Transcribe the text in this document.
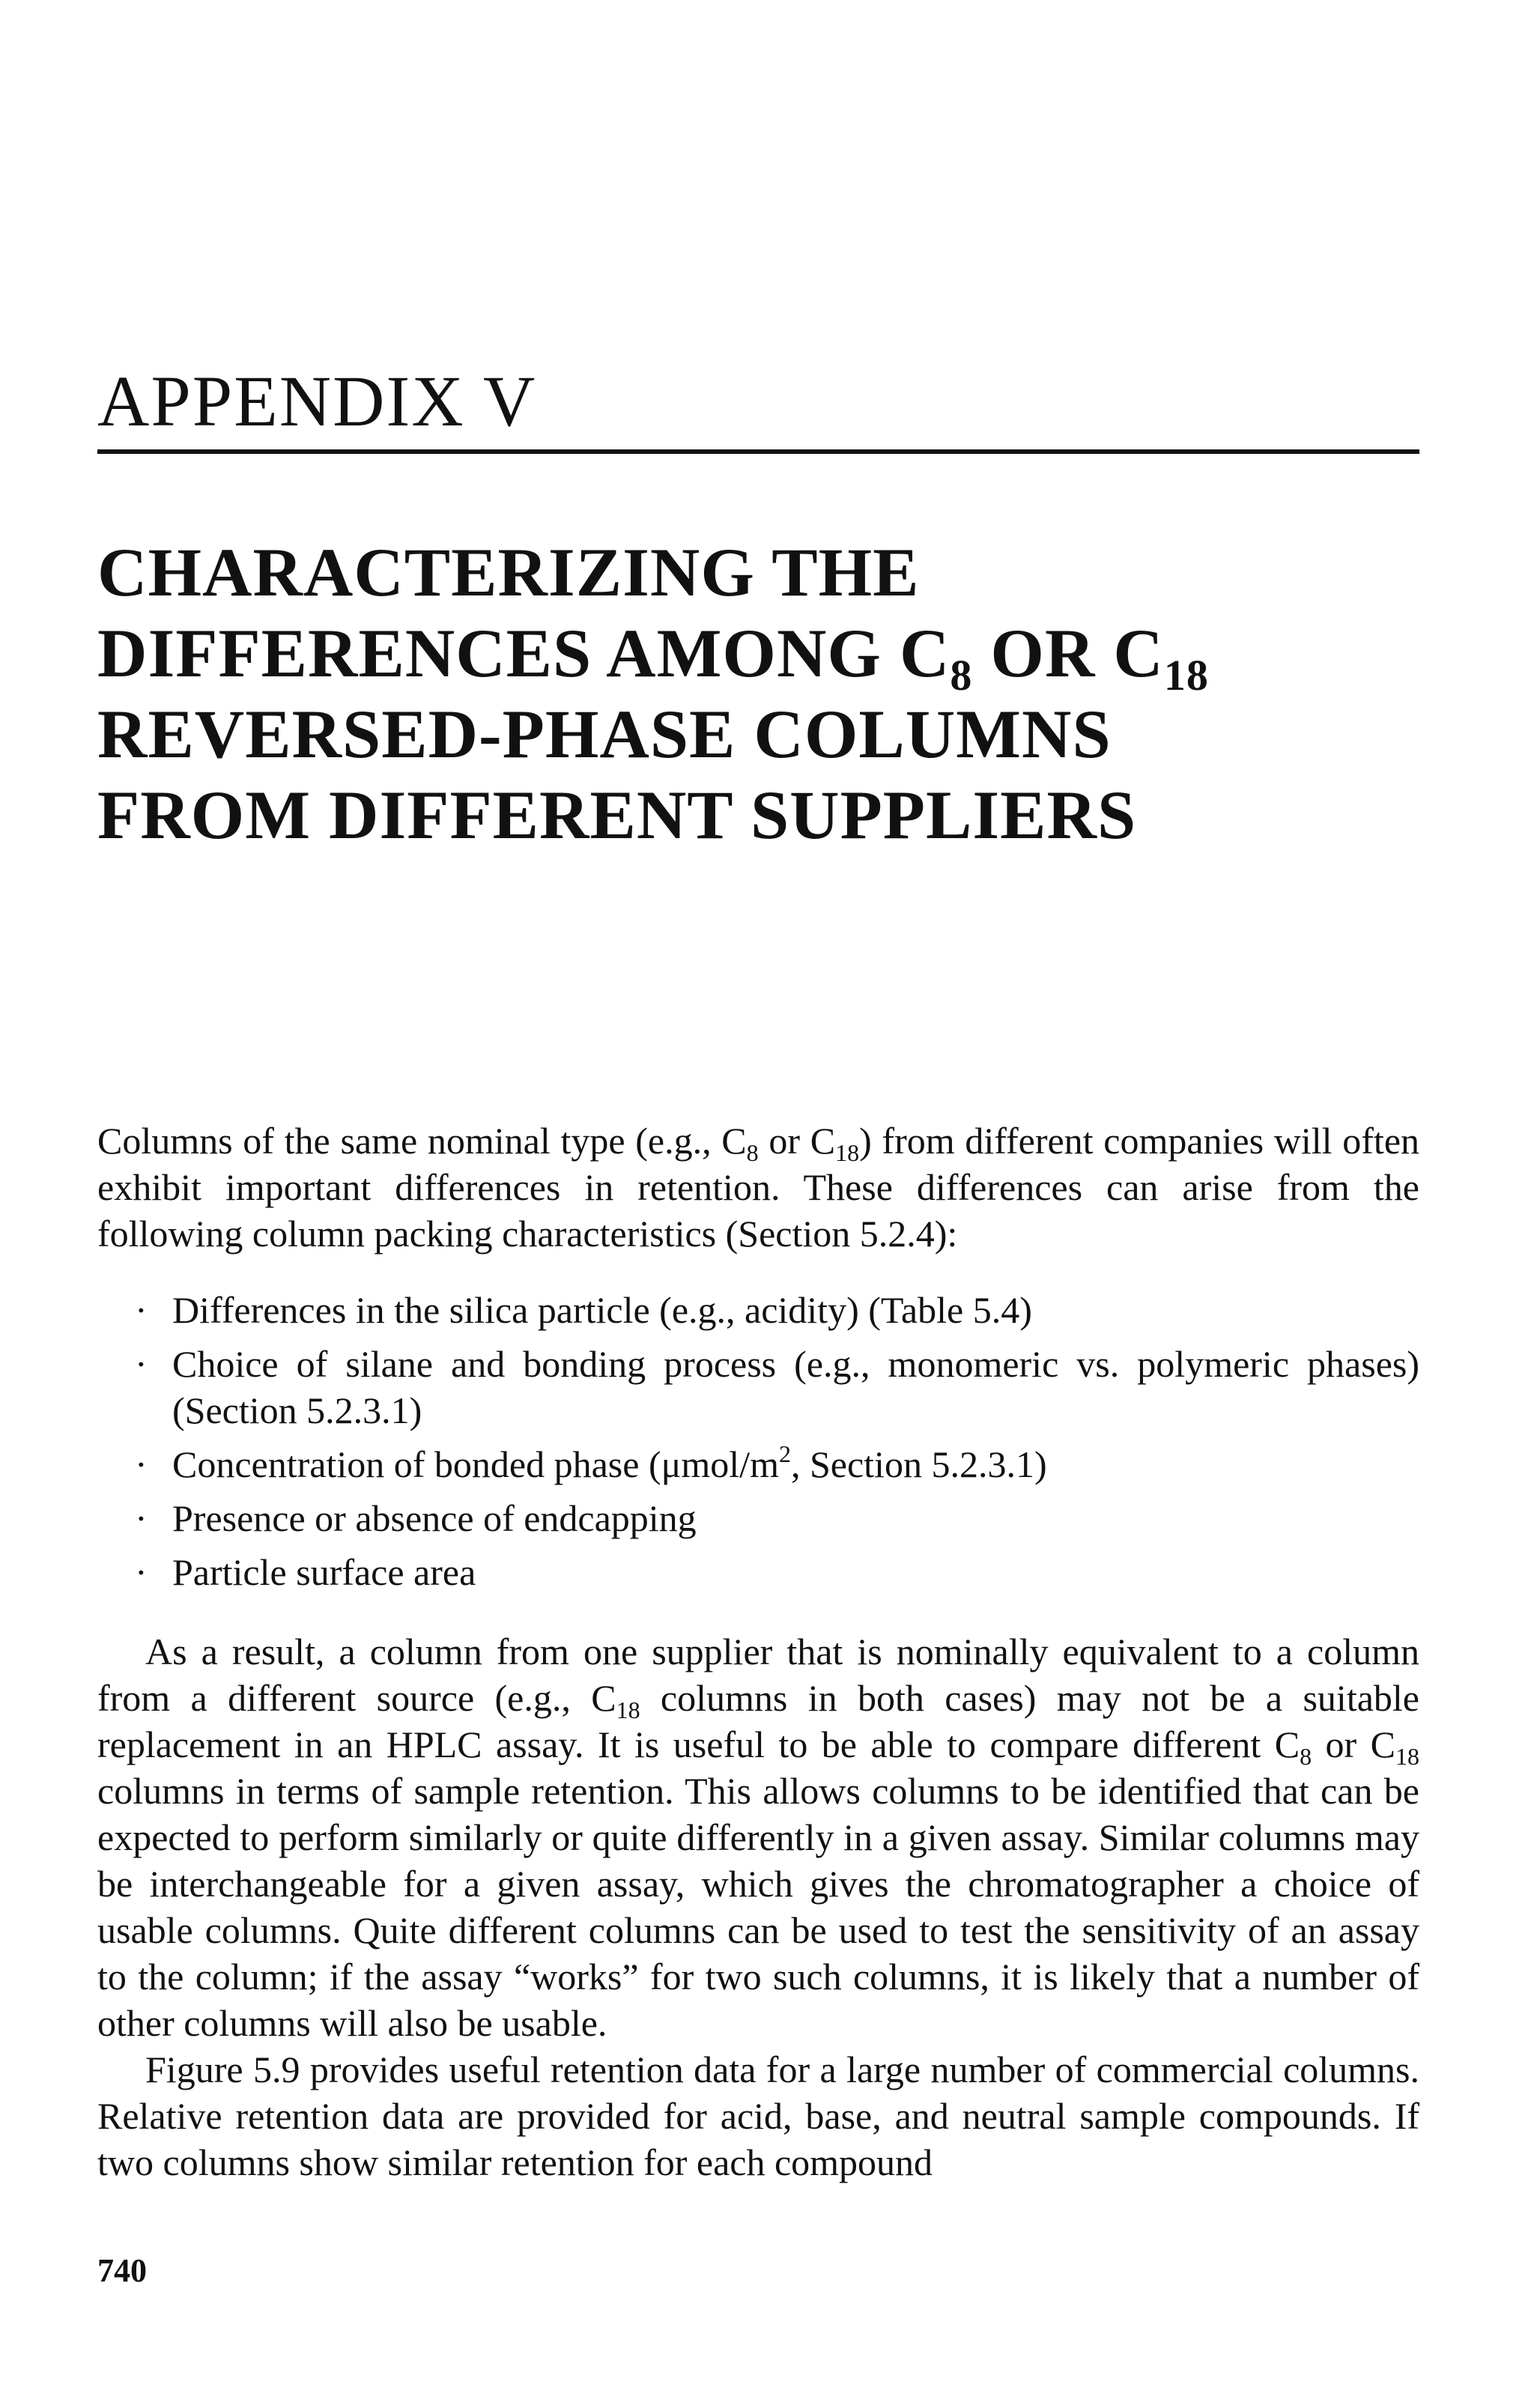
APPENDIX V
CHARACTERIZING THE
DIFFERENCES AMONG $C_8$ OR $C_{18}$
REVERSED-PHASE COLUMNS
FROM DIFFERENT SUPPLIERS

Columns of the same nominal type (e.g., $C_8$ or $C_{18}$) from different companies will often exhibit important differences in retention. These differences can arise from the following column packing characteristics (Section 5.2.4):

· Differences in the silica particle (e.g., acidity) (Table 5.4)
· Choice of silane and bonding process (e.g., monomeric vs. polymeric phases) (Section 5.2.3.1)
· Concentration of bonded phase ($\mu mol/m^2$, Section 5.2.3.1)
· Presence or absence of endcapping
· Particle surface area

As a result, a column from one supplier that is nominally equivalent to a column from a different source (e.g., $C_{18}$ columns in both cases) may not be a suitable replacement in an HPLC assay. It is useful to be able to compare different $C_8$ or $C_{18}$ columns in terms of sample retention. This allows columns to be identified that can be expected to perform similarly or quite differently in a given assay. Similar columns may be interchangeable for a given assay, which gives the chromatographer a choice of usable columns. Quite different columns can be used to test the sensitivity of an assay to the column; if the assay “works” for two such columns, it is likely that a number of other columns will also be usable.

Figure 5.9 provides useful retention data for a large number of commercial columns. Relative retention data are provided for acid, base, and neutral sample compounds. If two columns show similar retention for each compound

740
